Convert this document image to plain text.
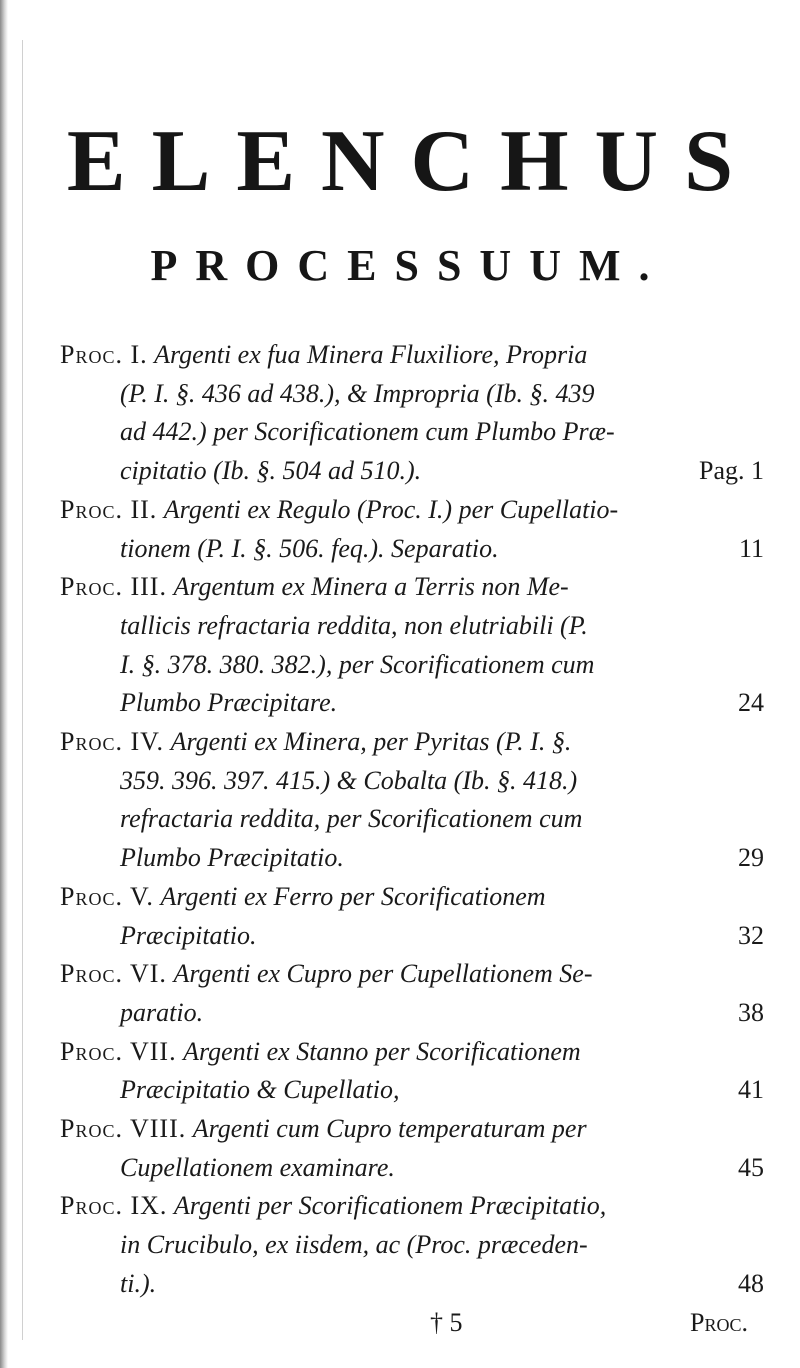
ELENCHUS
PROCESSUUM.
Proc. I. Argenti ex fua Minera Fluxiliore, Propria
(P. I. §. 436 ad 438.), & Impropria (Ib. §. 439
ad 442.) per Scorificationem cum Plumbo Præ-
cipitatio (Ib. §. 504 ad 510.).	Pag. 1
Proc. II. Argenti ex Regulo (Proc. I.) per Cupellatio-
tionem (P. I. §. 506. feq.). Separatio.	11
Proc. III. Argentum ex Minera a Terris non Me-
tallicis refractaria reddita, non elutriabili (P.
I. §. 378. 380. 382.), per Scorificationem cum
Plumbo Præcipitare.	24
Proc. IV. Argenti ex Minera, per Pyritas (P. I. §.
359. 396. 397. 415.) & Cobalta (Ib. §. 418.)
refractaria reddita, per Scorificationem cum
Plumbo Præcipitatio.	29
Proc. V. Argenti ex Ferro per Scorificationem
Præcipitatio.	32
Proc. VI. Argenti ex Cupro per Cupellationem Se-
paratio.	38
Proc. VII. Argenti ex Stanno per Scorificationem
Præcipitatio & Cupellatio,	41
Proc. VIII. Argenti cum Cupro temperaturam per
Cupellationem examinare.	45
Proc. IX. Argenti per Scorificationem Præcipitatio,
in Crucibulo, ex iisdem, ac (Proc. præceden-
ti.).	48
† 5	Proc.
